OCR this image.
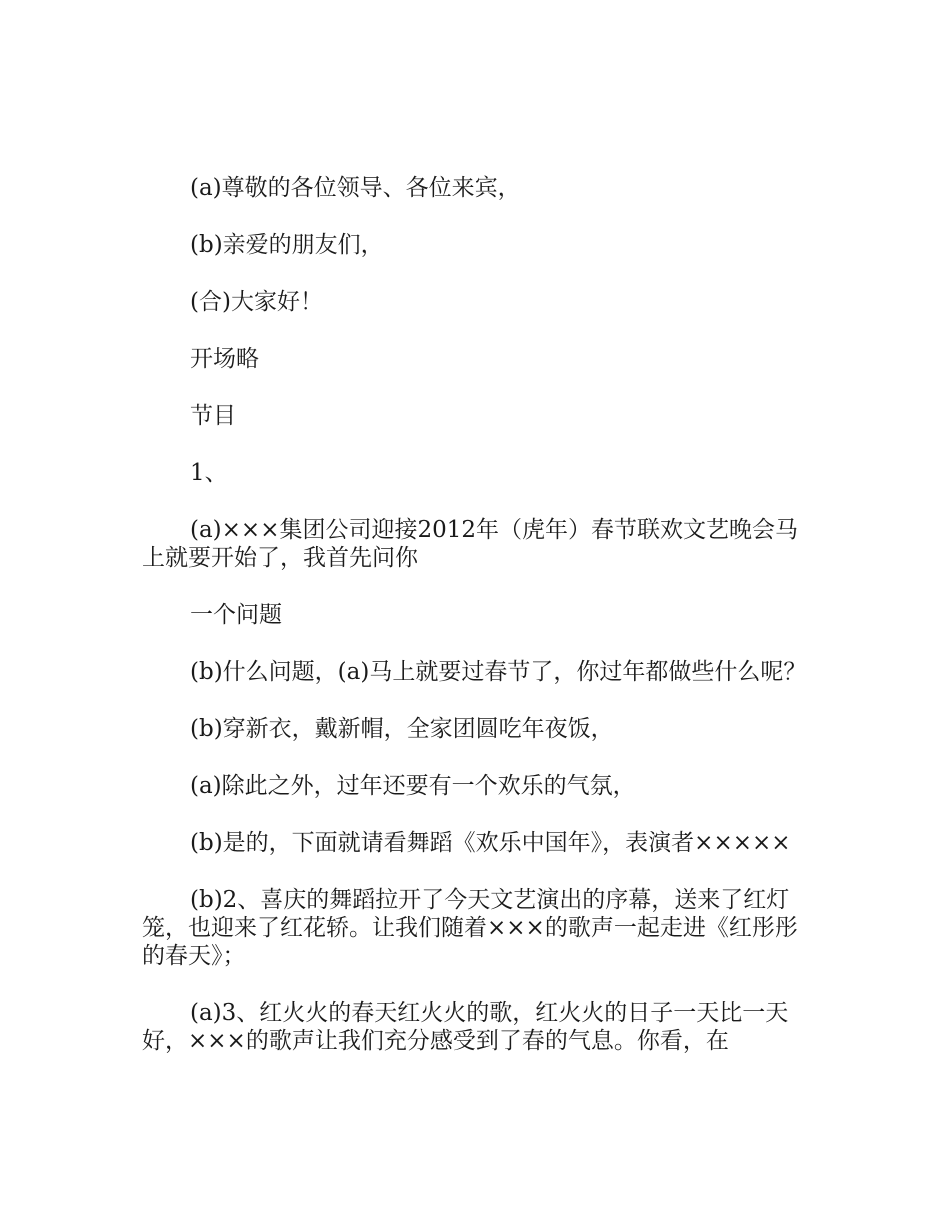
(a)尊敬的各位领导、各位来宾，

(b)亲爱的朋友们，

(合)大家好！

开场略

节目

1、

(a)×××集团公司迎接2012年（虎年）春节联欢文艺晚会马上就要开始了，我首先问你

一个问题

(b)什么问题，(a)马上就要过春节了，你过年都做些什么呢？

(b)穿新衣，戴新帽，全家团圆吃年夜饭，

(a)除此之外，过年还要有一个欢乐的气氛，

(b)是的，下面就请看舞蹈《欢乐中国年》，表演者×××××

(b)2、喜庆的舞蹈拉开了今天文艺演出的序幕，送来了红灯笼，也迎来了红花轿。让我们随着×××的歌声一起走进《红彤彤的春天》；

(a)3、红火火的春天红火火的歌，红火火的日子一天比一天好，×××的歌声让我们充分感受到了春的气息。你看，在
